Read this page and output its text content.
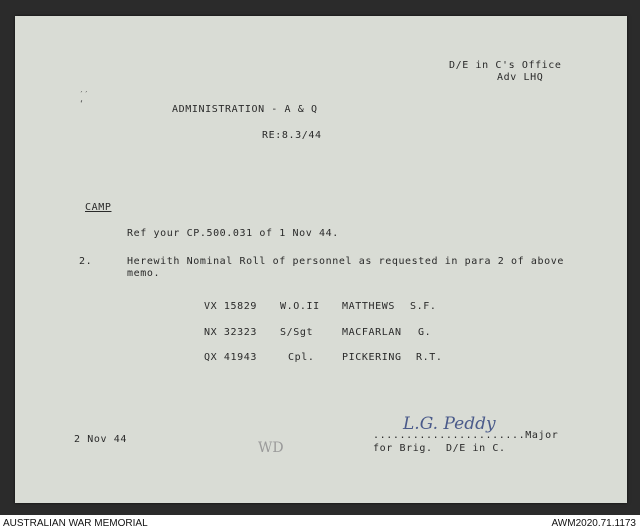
′′
‘

D/E in C's Office

Adv LHQ

ADMINISTRATION - A & Q

RE:8.3/44

CAMP

Ref your CP.500.031 of 1 Nov 44.

2.	Herewith Nominal Roll of personnel as requested in para 2 of above

memo.

VX 15829 W.O.II MATTHEWS S.F.

NX 32323 S/Sgt	MACFARLAN G.

QX 41943	Cpl.	PICKERING R.T.

2 Nov 44

WD
L.G. Peddy

.......................Major

for Brig. D/E in C.

AUSTRALIAN WAR MEMORIAL	AWM2020.71.1173
